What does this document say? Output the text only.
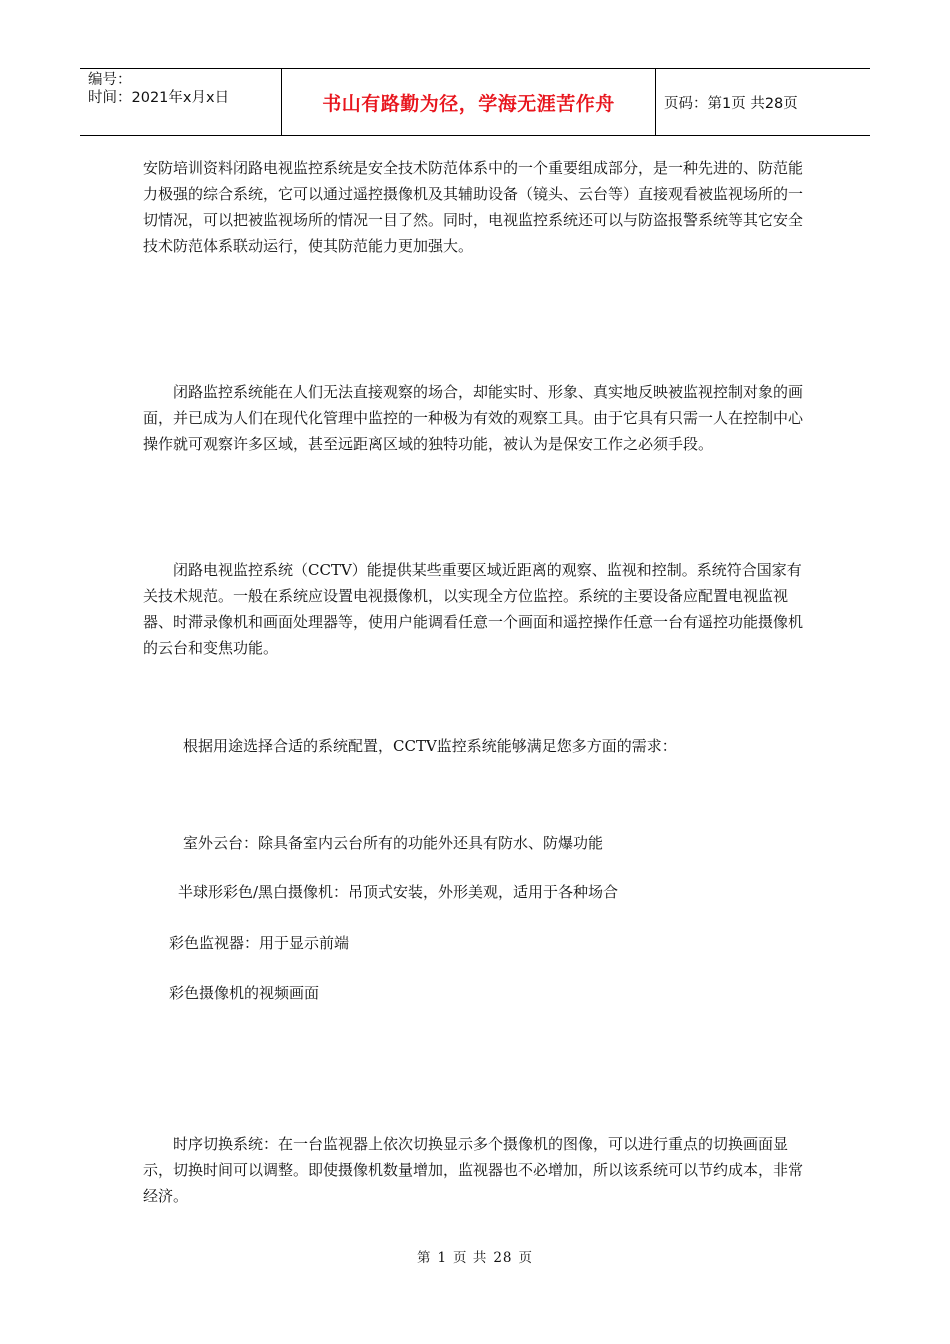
编号：
时间：2021年x月x日	书山有路勤为径，学海无涯苦作舟	页码：第1页 共28页

安防培训资料闭路电视监控系统是安全技术防范体系中的一个重要组成部分，是一种先进的、防范能力极强的综合系统，它可以通过遥控摄像机及其辅助设备（镜头、云台等）直接观看被监视场所的一切情况，可以把被监视场所的情况一目了然。同时，电视监控系统还可以与防盗报警系统等其它安全技术防范体系联动运行，使其防范能力更加强大。

闭路监控系统能在人们无法直接观察的场合，却能实时、形象、真实地反映被监视控制对象的画面，并已成为人们在现代化管理中监控的一种极为有效的观察工具。由于它具有只需一人在控制中心操作就可观察许多区域，甚至远距离区域的独特功能，被认为是保安工作之必须手段。

闭路电视监控系统（CCTV）能提供某些重要区域近距离的观察、监视和控制。系统符合国家有关技术规范。一般在系统应设置电视摄像机，以实现全方位监控。系统的主要设备应配置电视监视器、时滞录像机和画面处理器等，使用户能调看任意一个画面和遥控操作任意一台有遥控功能摄像机的云台和变焦功能。

根据用途选择合适的系统配置，CCTV监控系统能够满足您多方面的需求：

室外云台：除具备室内云台所有的功能外还具有防水、防爆功能
半球形彩色/黑白摄像机：吊顶式安装，外形美观，适用于各种场合
彩色监视器：用于显示前端
彩色摄像机的视频画面

时序切换系统：在一台监视器上依次切换显示多个摄像机的图像，可以进行重点的切换画面显示，切换时间可以调整。即使摄像机数量增加，监视器也不必增加，所以该系统可以节约成本，非常经济。

第 1 页 共 28 页
